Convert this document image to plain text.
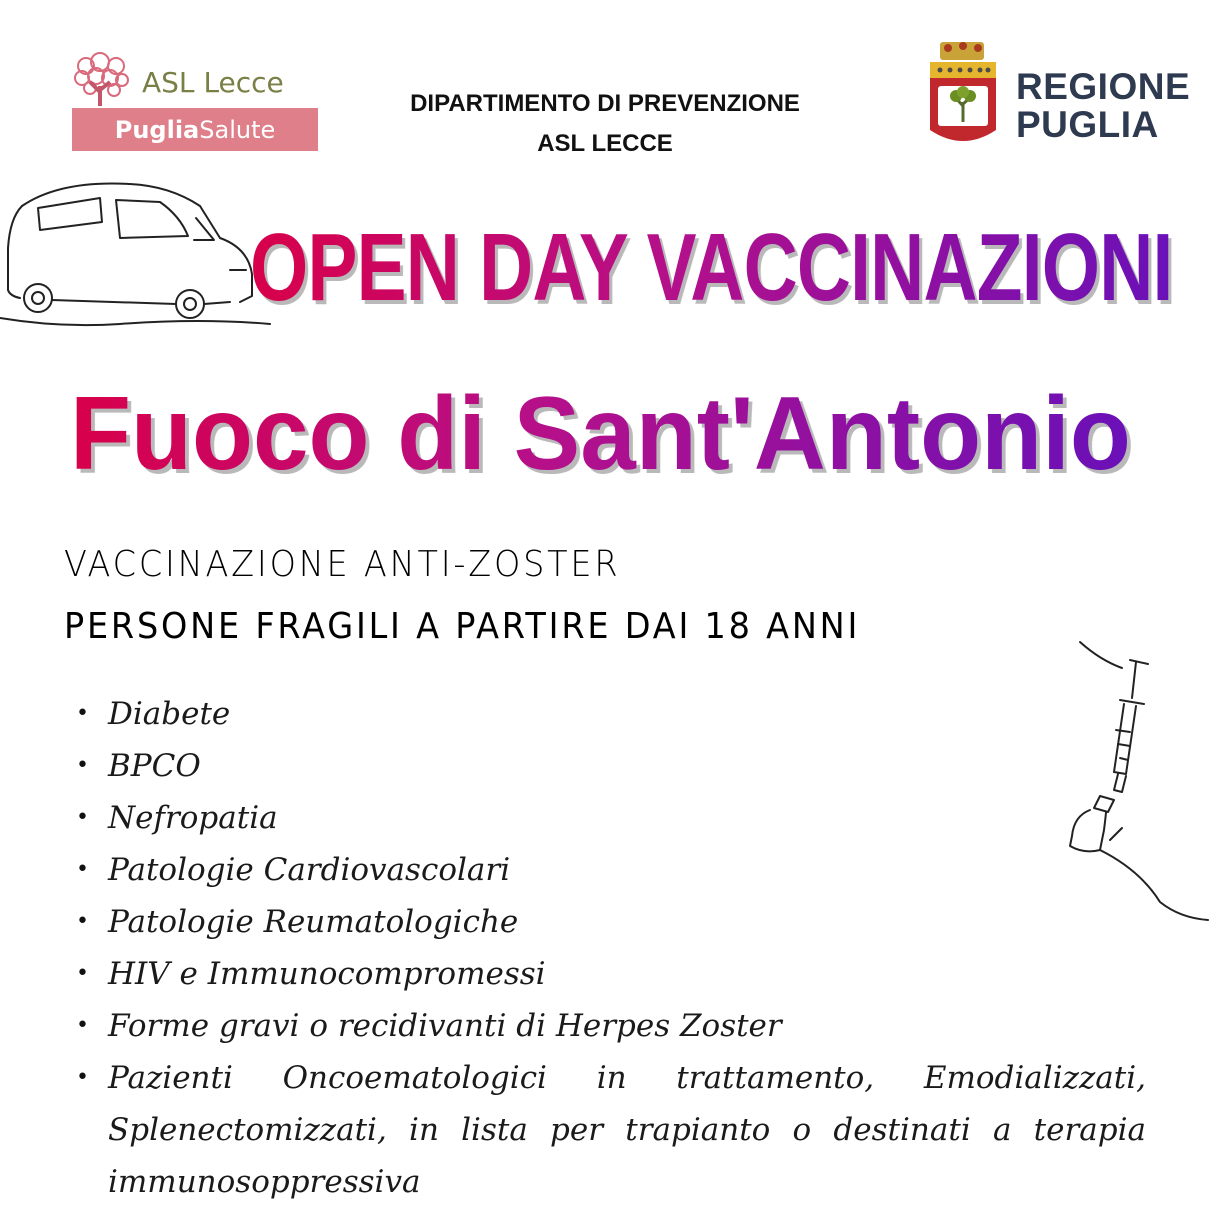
ASL Lecce
Puglia Salute
DIPARTIMENTO DI PREVENZIONE
ASL LECCE
REGIONE
PUGLIA
OPEN DAY VACCINAZIONI
Fuoco di Sant'Antonio
VACCINAZIONE ANTI-ZOSTER
PERSONE FRAGILI A PARTIRE DAI 18 ANNI
• Diabete
• BPCO
• Nefropatia
• Patologie Cardiovascolari
• Patologie Reumatologiche
• HIV e Immunocompromessi
• Forme gravi o recidivanti di Herpes Zoster
• Pazienti Oncoematologici in trattamento, Emodializzati, Splenectomizzati, in lista per trapianto o destinati a terapia immunosoppressiva
